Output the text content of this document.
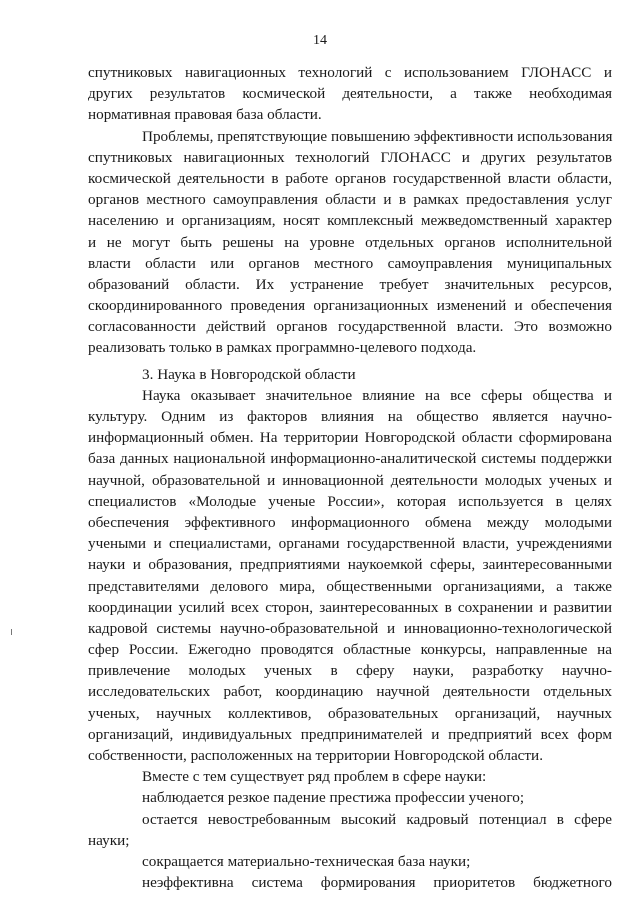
14
спутниковых навигационных технологий с использованием ГЛОНАСС и
других результатов космической деятельности, а также необходимая
нормативная правовая база области.
Проблемы, препятствующие повышению эффективности использования
спутниковых навигационных технологий ГЛОНАСС и других результатов
космической деятельности в работе органов государственной власти области,
органов местного самоуправления области и в рамках предоставления услуг
населению и организациям, носят комплексный межведомственный характер
и не могут быть решены на уровне отдельных органов исполнительной
власти области или органов местного самоуправления муниципальных
образований области. Их устранение требует значительных ресурсов,
скоординированного проведения организационных изменений и обеспечения
согласованности действий органов государственной власти. Это возможно
реализовать только в рамках программно-целевого подхода.
3. Наука в Новгородской области
Наука оказывает значительное влияние на все сферы общества и
культуру. Одним из факторов влияния на общество является научно-
информационный обмен. На территории Новгородской области сформирована
база данных национальной информационно-аналитической системы поддержки
научной, образовательной и инновационной деятельности молодых ученых и
специалистов «Молодые ученые России», которая используется в целях
обеспечения эффективного информационного обмена между молодыми
учеными и специалистами, органами государственной власти, учреждениями
науки и образования, предприятиями наукоемкой сферы, заинтересованными
представителями делового мира, общественными организациями, а также
координации усилий всех сторон, заинтересованных в сохранении и развитии
кадровой системы научно-образовательной и инновационно-технологической
сфер России. Ежегодно проводятся областные конкурсы, направленные на
привлечение молодых ученых в сферу науки, разработку научно-
исследовательских работ, координацию научной деятельности отдельных
ученых, научных коллективов, образовательных организаций, научных
организаций, индивидуальных предпринимателей и предприятий всех форм
собственности, расположенных на территории Новгородской области.
Вместе с тем существует ряд проблем в сфере науки:
наблюдается резкое падение престижа профессии ученого;
остается невостребованным высокий кадровый потенциал в сфере
науки;
сокращается материально-техническая база науки;
неэффективна система формирования приоритетов бюджетного
